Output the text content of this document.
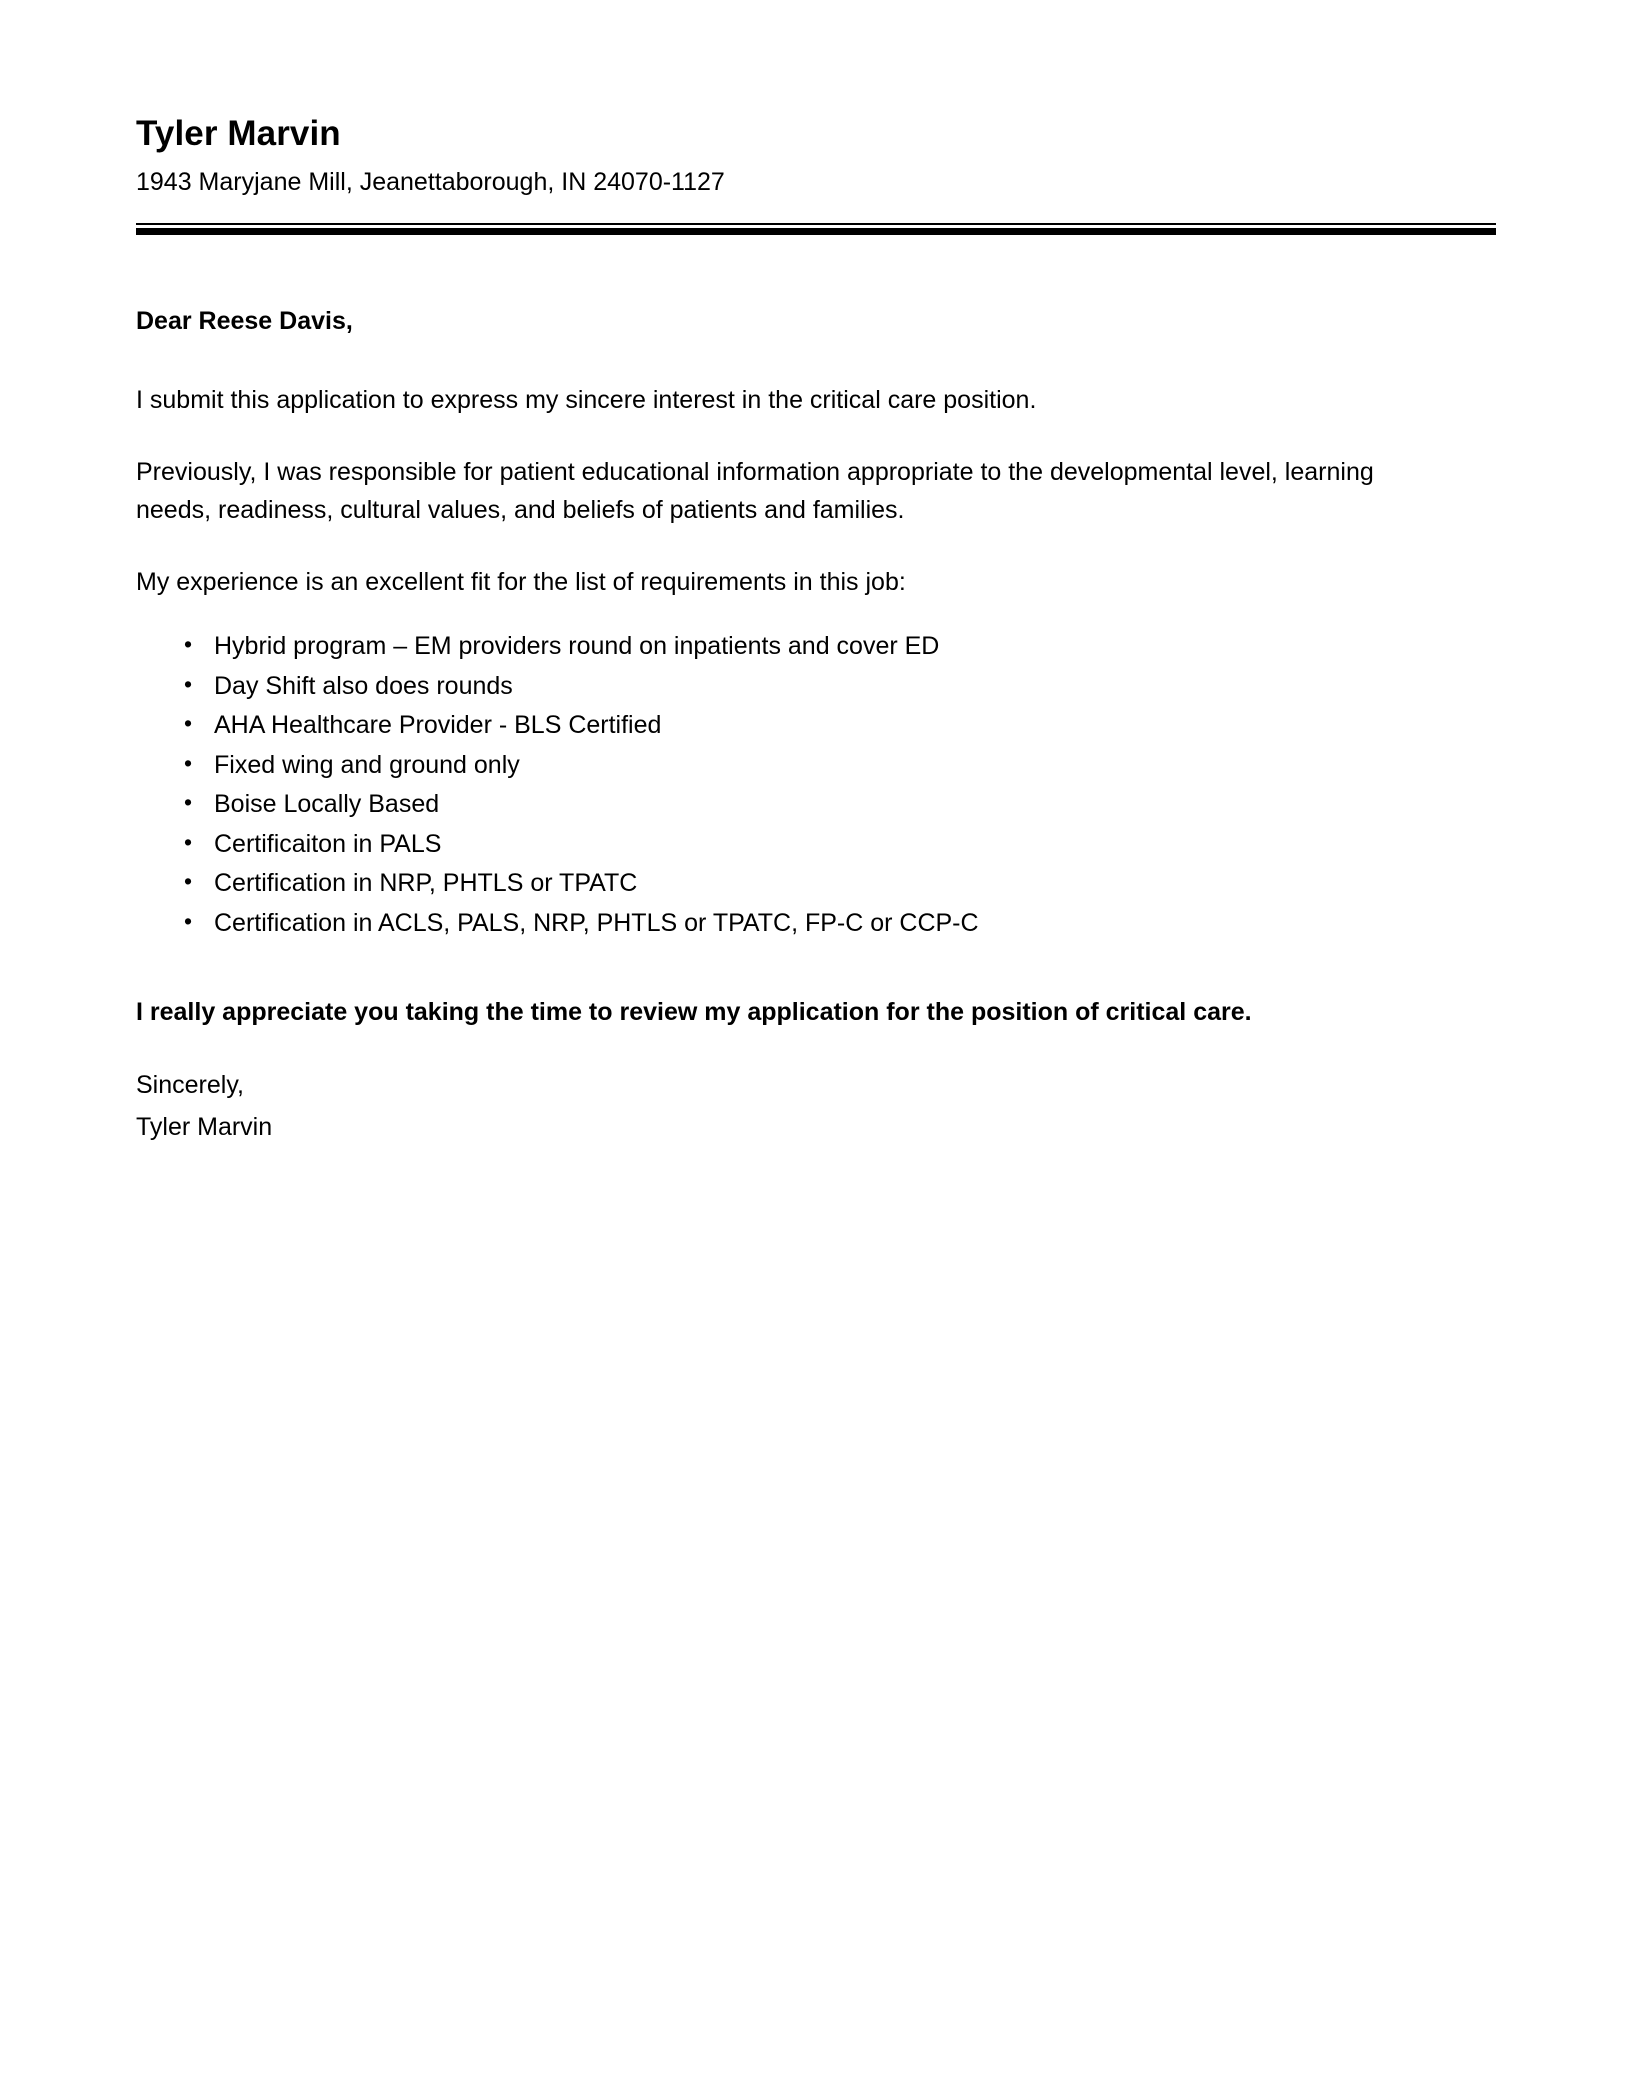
Tyler Marvin

1943 Maryjane Mill, Jeanettaborough, IN 24070-1127

Dear Reese Davis,

I submit this application to express my sincere interest in the critical care position.

Previously, I was responsible for patient educational information appropriate to the developmental level, learning needs, readiness, cultural values, and beliefs of patients and families.

My experience is an excellent fit for the list of requirements in this job:

• Hybrid program – EM providers round on inpatients and cover ED
• Day Shift also does rounds
• AHA Healthcare Provider - BLS Certified
• Fixed wing and ground only
• Boise Locally Based
• Certificaiton in PALS
• Certification in NRP, PHTLS or TPATC
• Certification in ACLS, PALS, NRP, PHTLS or TPATC, FP-C or CCP-C

I really appreciate you taking the time to review my application for the position of critical care.

Sincerely,

Tyler Marvin
